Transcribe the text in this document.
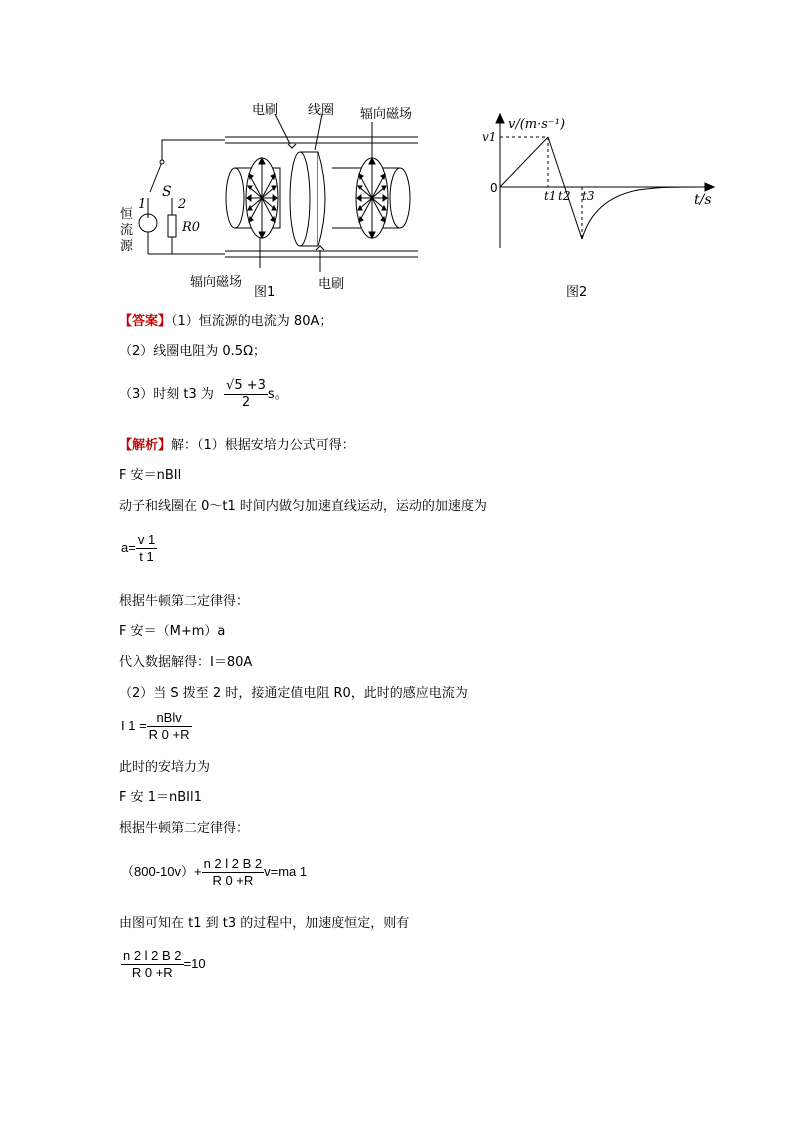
电刷 线圈 辐向磁场
S
1 2
R0
恒
流
源
辐向磁场
图1
电刷
v/(m·s⁻¹)
v1
0
t1 t2 t3	t/s
图2
【答案】（1）恒流源的电流为 80A；
（2）线圈电阻为 0.5Ω；
（3）时刻 t3 为 $\frac{√5 +3}{2}$ s。
【解析】解：（1）根据安培力公式可得：
F 安＝nBIl
动子和线圈在 0～t1 时间内做匀加速直线运动，运动的加速度为
$a= \frac{v 1}{t 1}$
根据牛顿第二定律得：
F 安＝（M+m）a
代入数据解得：I＝80A
（2）当 S 拨至 2 时，接通定值电阻 R0，此时的感应电流为
I $1 = \frac{\text{nBlv}}{R 0 +R}$
此时的安培力为
F 安 1＝nBIl1
根据牛顿第二定律得：
$(800-10v)+ \frac{n 2 l 2 B 2}{R 0 +R} v=ma$ 1
由图可知在 t1 到 t3 的过程中，加速度恒定，则有
$\frac{n 2 l 2 B 2}{R 0 +R} =10$
